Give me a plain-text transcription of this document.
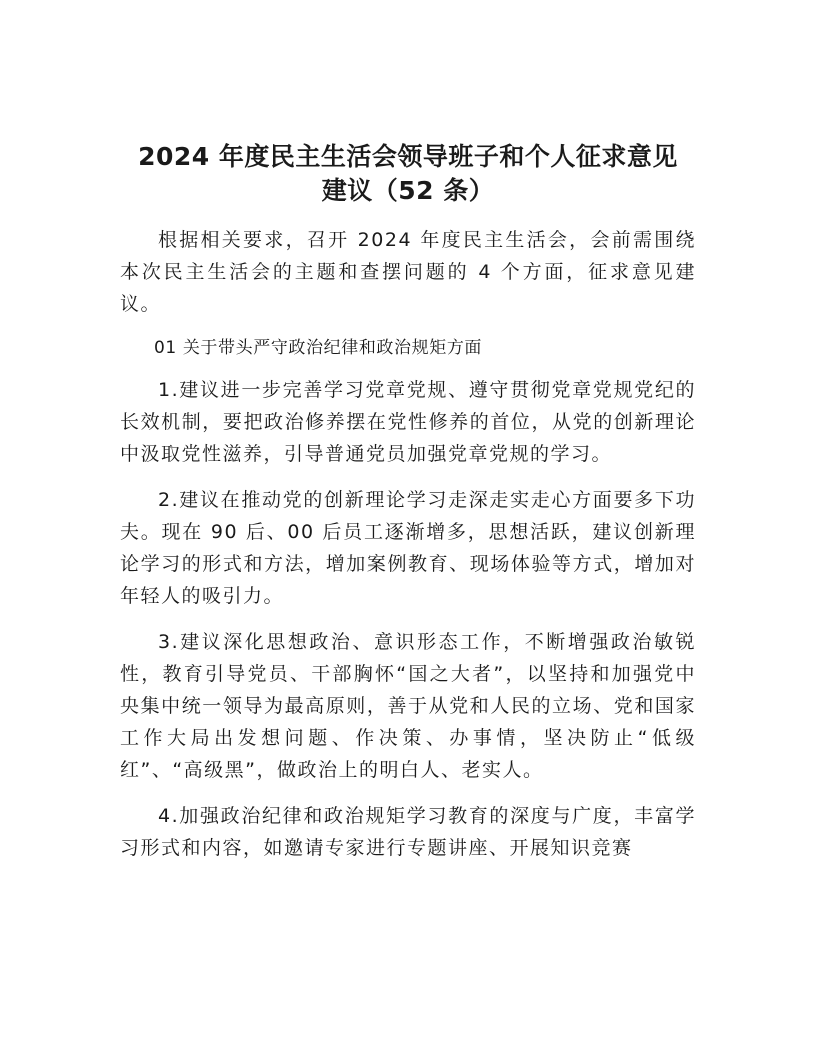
2024 年度民主生活会领导班子和个人征求意见
建议（52 条）

根据相关要求，召开 2024 年度民主生活会，会前需围绕本次民主生活会的主题和查摆问题的 4 个方面，征求意见建议。

01 关于带头严守政治纪律和政治规矩方面

1.建议进一步完善学习党章党规、遵守贯彻党章党规党纪的长效机制，要把政治修养摆在党性修养的首位，从党的创新理论中汲取党性滋养，引导普通党员加强党章党规的学习。

2.建议在推动党的创新理论学习走深走实走心方面要多下功夫。现在 90 后、00 后员工逐渐增多，思想活跃，建议创新理论学习的形式和方法，增加案例教育、现场体验等方式，增加对年轻人的吸引力。

3.建议深化思想政治、意识形态工作，不断增强政治敏锐性，教育引导党员、干部胸怀“国之大者”，以坚持和加强党中央集中统一领导为最高原则，善于从党和人民的立场、党和国家工作大局出发想问题、作决策、办事情，坚决防止“低级红”、“高级黑”，做政治上的明白人、老实人。

4.加强政治纪律和政治规矩学习教育的深度与广度，丰富学习形式和内容，如邀请专家进行专题讲座、开展知识竞赛
